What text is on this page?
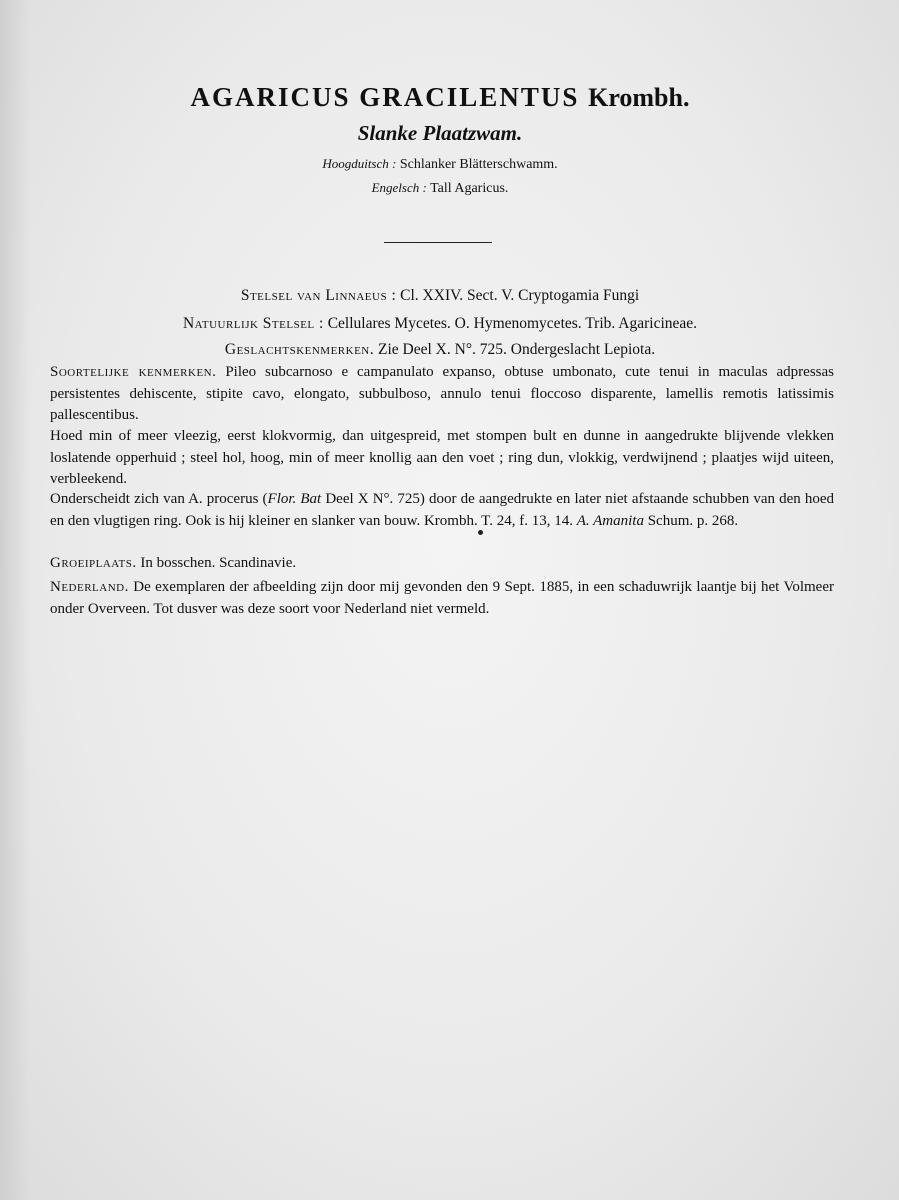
AGARICUS GRACILENTUS Krombh.
Slanke Plaatzwam.
Hoogduitsch : Schlanker Blätterschwamm.
Engelsch : Tall Agaricus.
Stelsel van Linnaeus : Cl. XXIV. Sect. V. Cryptogamia Fungi
Natuurlijk Stelsel : Cellulares Mycetes. O. Hymenomycetes. Trib. Agaricineae.
Geslachtskenmerken. Zie Deel X. N°. 725. Ondergeslacht Lepiota.
Soortelijke kenmerken. Pileo subcarnoso e campanulato expanso, obtuse umbonato, cute tenui in maculas adpressas persistentes dehiscente, stipite cavo, elongato, subbulboso, annulo tenui floccoso disparente, lamellis remotis latissimis pallescentibus.
Hoed min of meer vleezig, eerst klokvormig, dan uitgespreid, met stompen bult en dunne in aangedrukte blijvende vlekken loslatende opperhuid ; steel hol, hoog, min of meer knollig aan den voet ; ring dun, vlokkig, verdwijnend ; plaatjes wijd uiteen, verbleekend.
Onderscheidt zich van A. procerus (Flor. Bat Deel X N°. 725) door de aangedrukte en later niet afstaande schubben van den hoed en den vlugtigen ring. Ook is hij kleiner en slanker van bouw. Krombh. T. 24, f. 13, 14. A. Amanita Schum. p. 268.
Groeiplaats. In bosschen. Scandinavie.
Nederland. De exemplaren der afbeelding zijn door mij gevonden den 9 Sept. 1885, in een schaduwrijk laantje bij het Volmeer onder Overveen. Tot dusver was deze soort voor Nederland niet vermeld.
